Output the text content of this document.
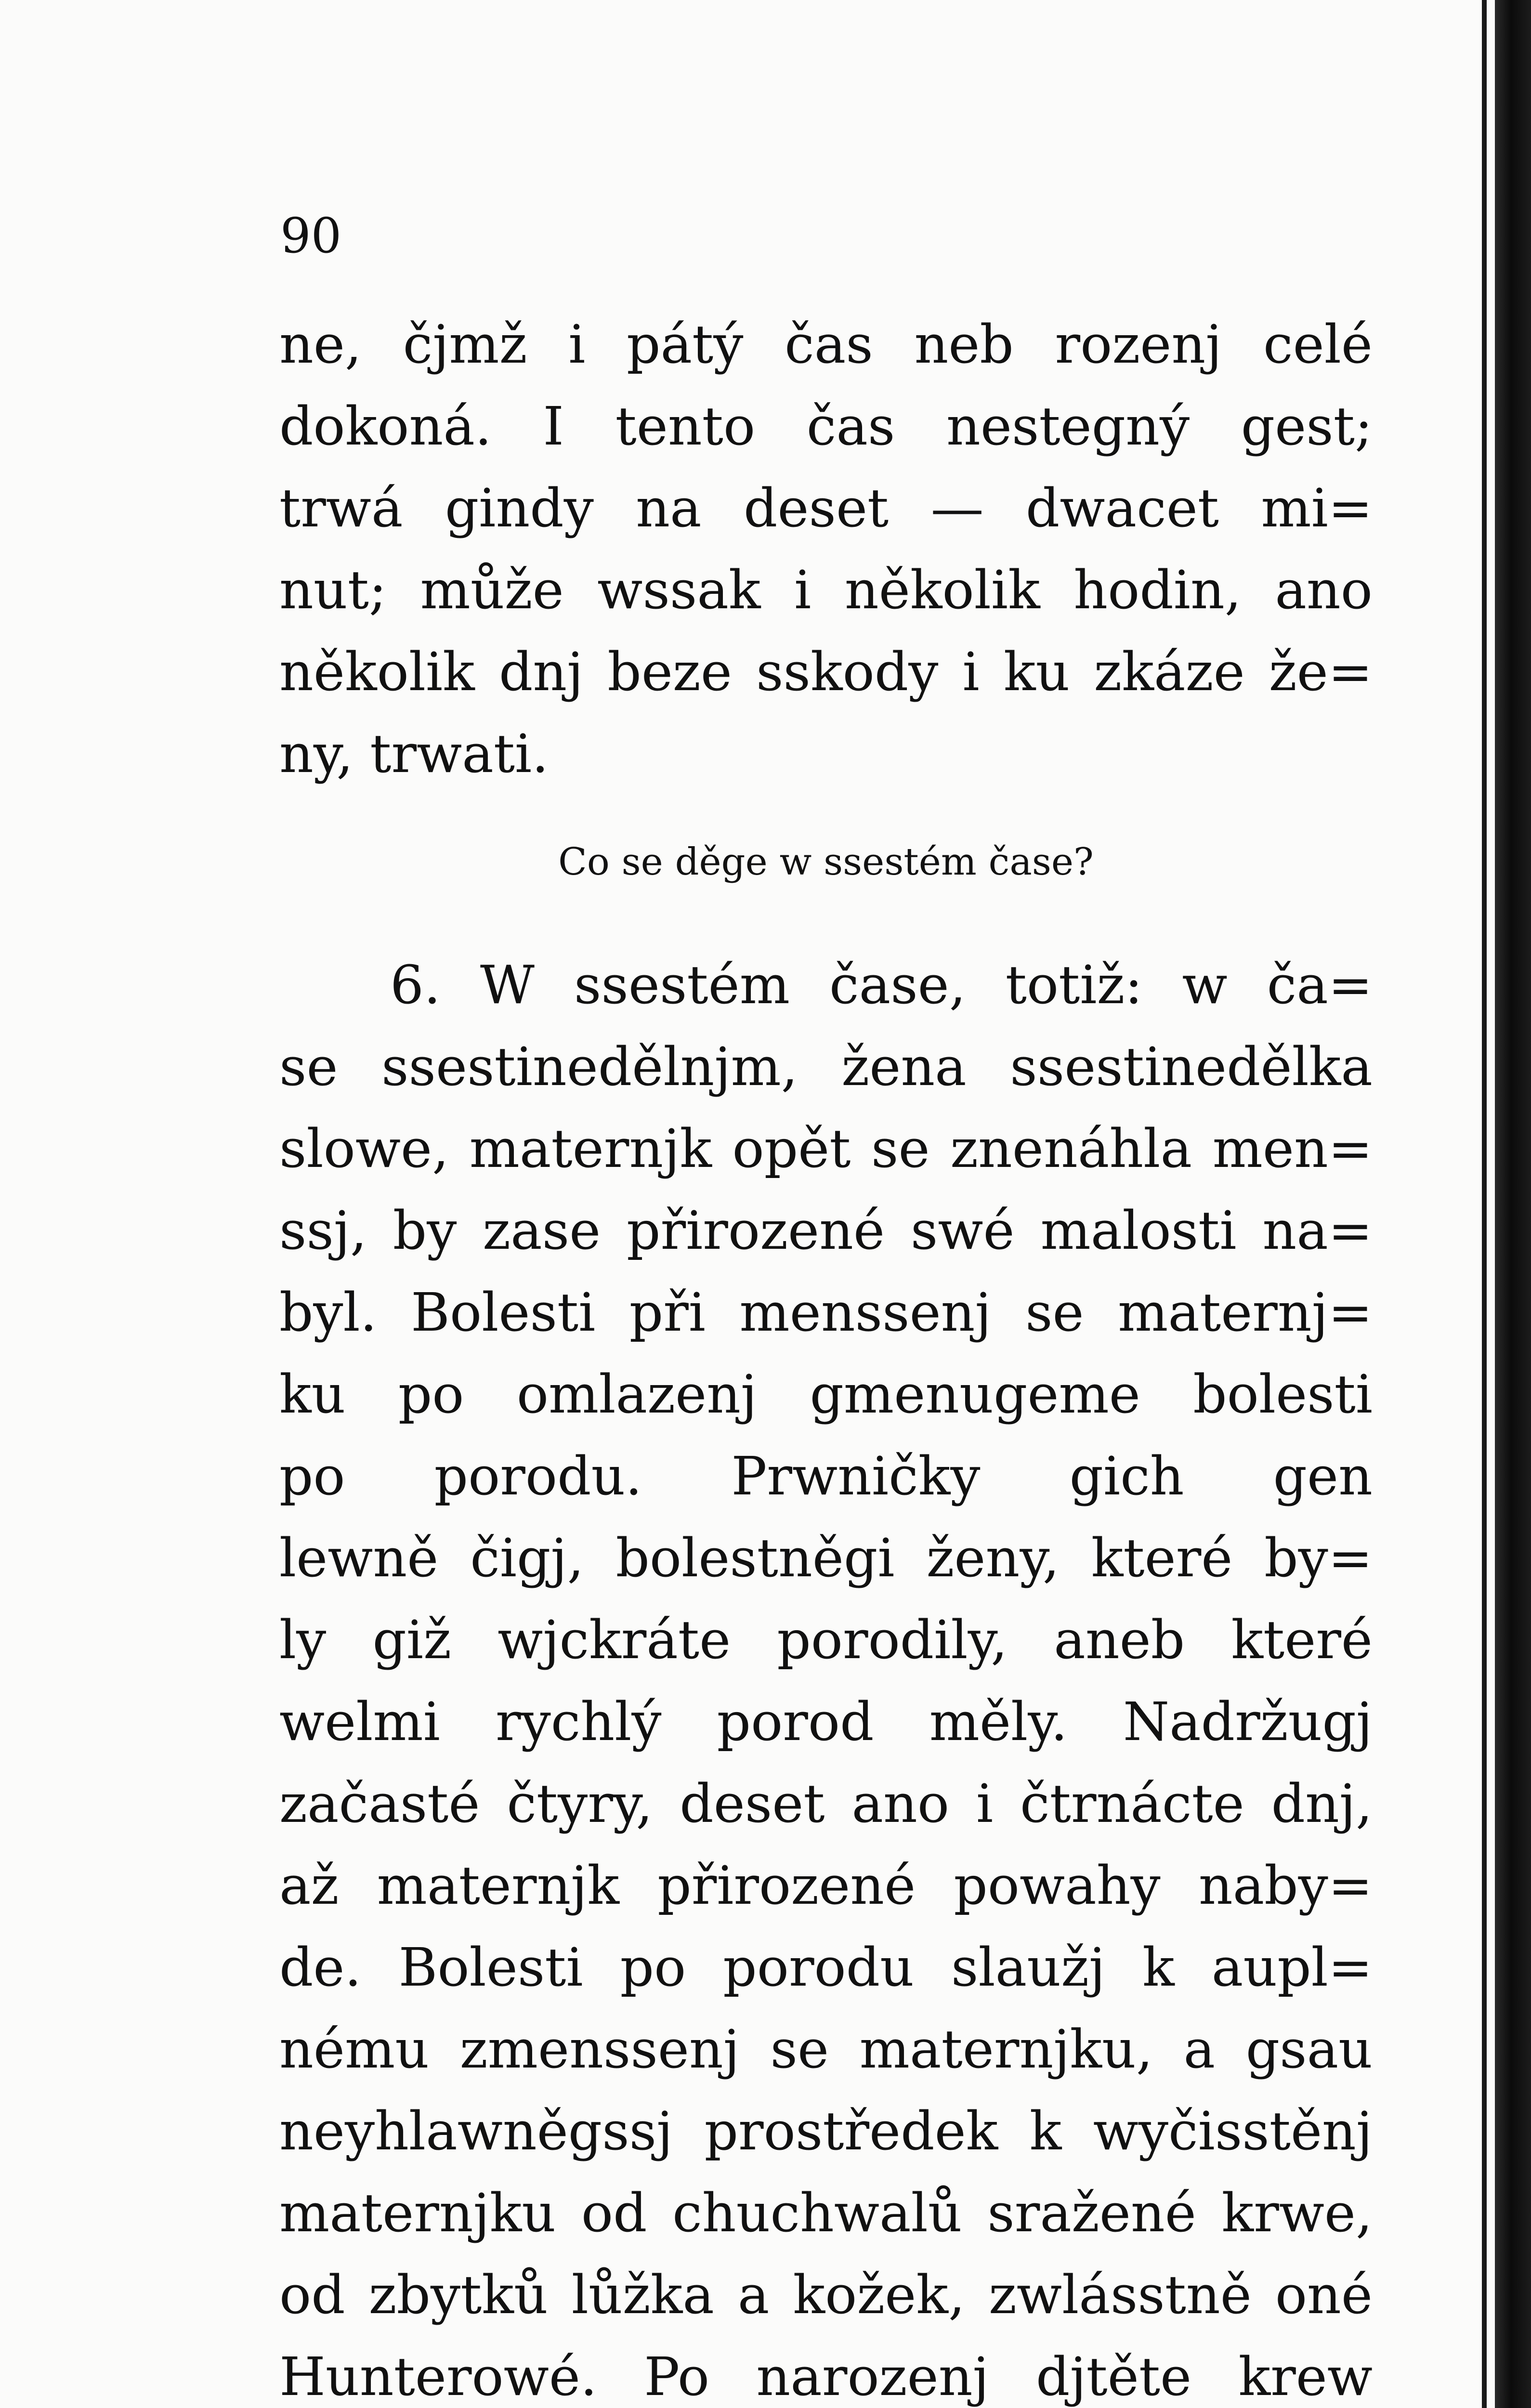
90

ne, čjmž i pátý čas neb rozenj celé
dokoná. I tento čas nestegný gest;
trwá gindy na deset — dwacet mi=
nut; může wssak i několik hodin, ano
několik dnj beze sskody i ku zkáze že=
ny, trwati.
Co se děge w ssestém čase?
6. W ssestém čase, totiž: w ča=
se ssestinedělnjm, žena ssestinedělka
slowe, maternjk opět se znenáhla men=
ssj, by zase přirozené swé malosti na=
byl. Bolesti při menssenj se maternj=
ku po omlazenj gmenugeme bolesti
po porodu. Prwničky gich gen
lewně čigj, bolestněgi ženy, které by=
ly giž wjckráte porodily, aneb které
welmi rychlý porod měly. Nadržugj
začasté čtyry, deset ano i čtrnácte dnj,
až maternjk přirozené powahy naby=
de. Bolesti po porodu slaužj k aupl=
nému zmenssenj se maternjku, a gsau
neyhlawněgssj prostředek k wyčisstěnj
maternjku od chuchwalů sražené krwe,
od zbytků lůžka a kožek, zwlásstně oné
Hunterowé. Po narozenj djtěte krew
